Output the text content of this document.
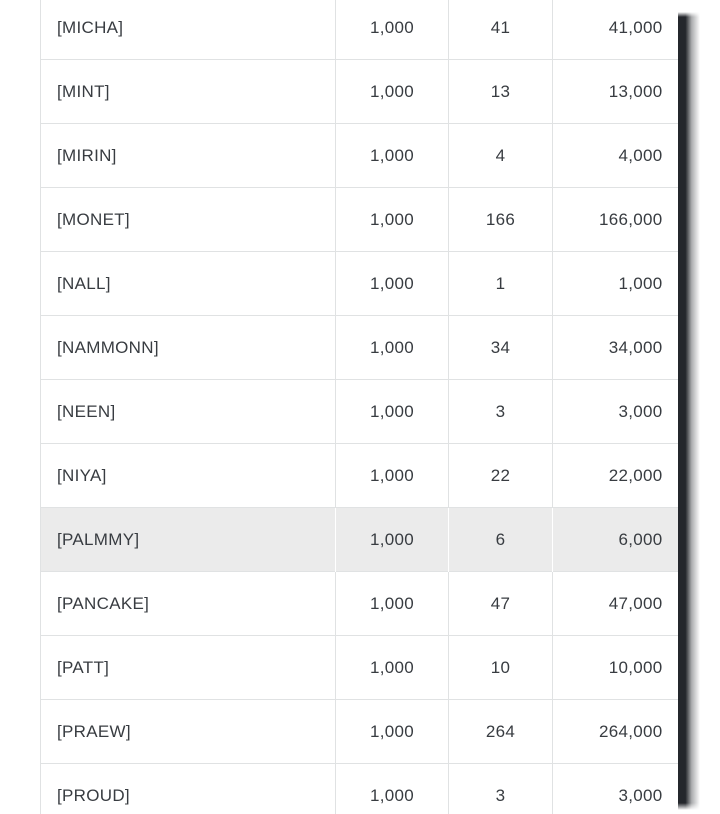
[MICHA]	1,000	41	41,000
[MINT]	1,000	13	13,000
[MIRIN]	1,000	4	4,000
[MONET]	1,000	166	166,000
[NALL]	1,000	1	1,000
[NAMMONN]	1,000	34	34,000
[NEEN]	1,000	3	3,000
[NIYA]	1,000	22	22,000
[PALMMY]	1,000	6	6,000
[PANCAKE]	1,000	47	47,000
[PATT]	1,000	10	10,000
[PRAEW]	1,000	264	264,000
[PROUD]	1,000	3	3,000
